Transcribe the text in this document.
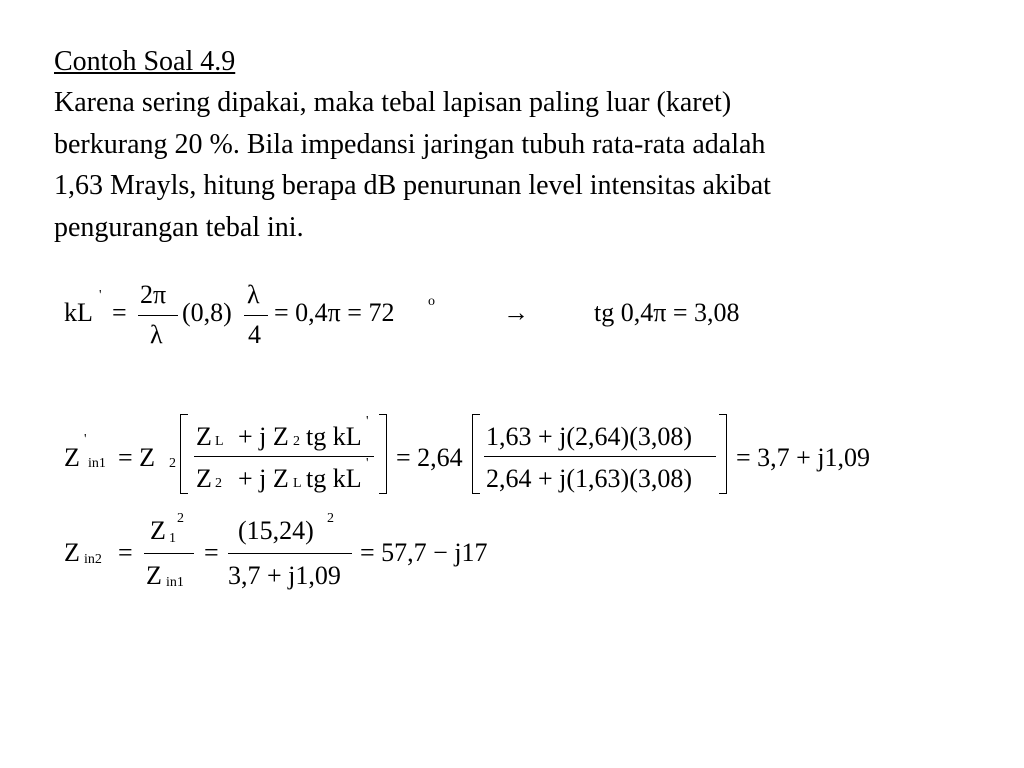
Contoh Soal 4.9
Karena sering dipakai, maka tebal lapisan paling luar (karet)
berkurang 20 %. Bila impedansi jaringan tubuh rata-rata adalah
1,63 Mrayls, hitung berapa dB penurunan level intensitas akibat
pengurangan tebal ini.
kL
'
=
2π
λ
(0,8)
λ
4
= 0,4π = 72 o	→	tg 0,4π = 3,08
Z
'
in1 = Z 2
Z L + j Z 2 tg kL
'
Z 2 + j Z L tg kL
' = 2,64
1,63 + j(2,64)(3,08)
2,64 + j(1,63)(3,08)
= 3,7 + j1,09
Z in2 =
Z 1
2
Z in1
=
(15,24) 2
3,7 + j1,09
= 57,7 − j17
